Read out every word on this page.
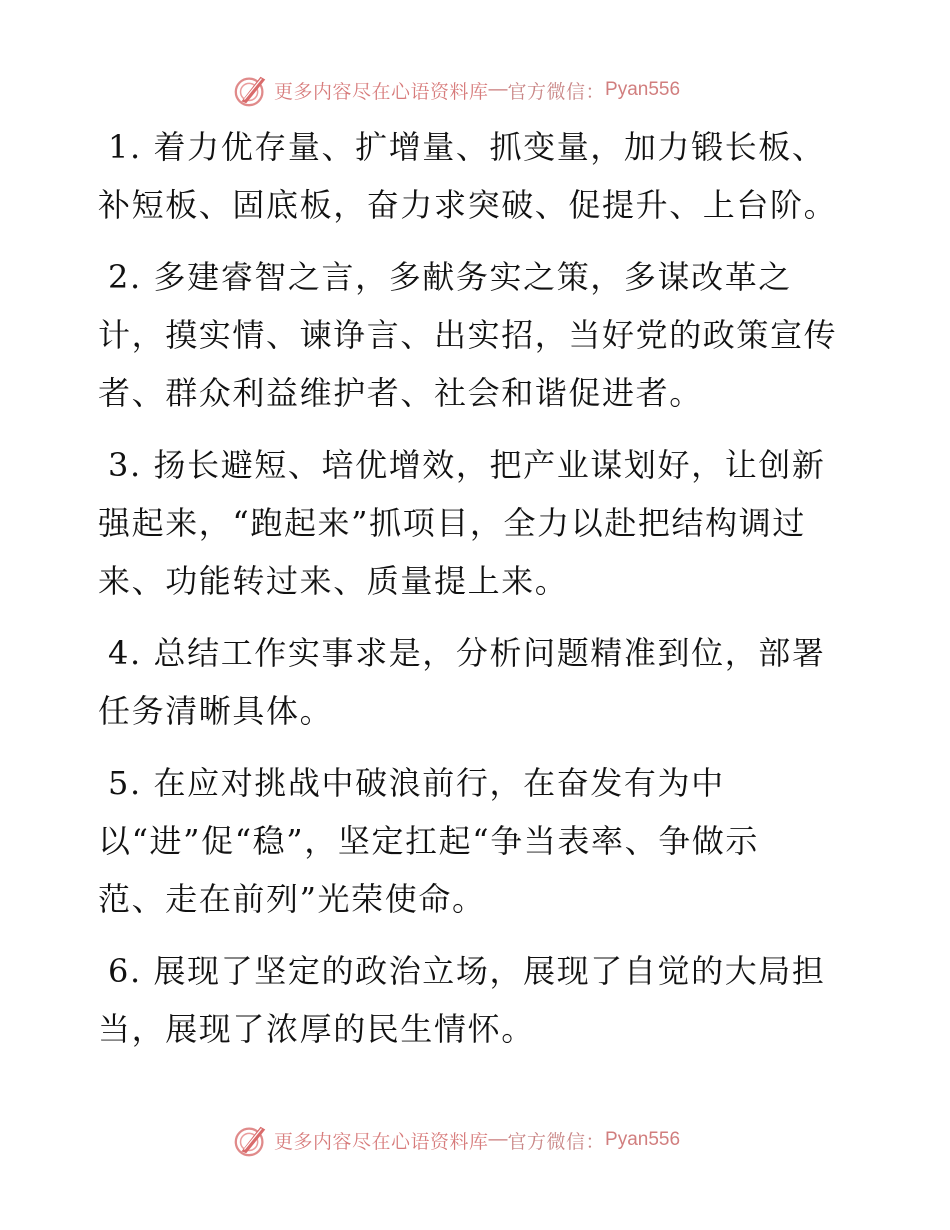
更多内容尽在心语资料库 — 官方微信： Pyan556
1. 着力优存量、扩增量、抓变量，加力锻长板、
补短板、固底板，奋力求突破、促提升、上台阶。
2. 多建睿智之言，多献务实之策，多谋改革之
计，摸实情、谏诤言、出实招，当好党的政策宣传
者、群众利益维护者、社会和谐促进者。
3. 扬长避短、培优增效，把产业谋划好，让创新
强起来，“跑起来”抓项目，全力以赴把结构调过
来、功能转过来、质量提上来。
4. 总结工作实事求是，分析问题精准到位，部署
任务清晰具体。
5. 在应对挑战中破浪前行，在奋发有为中
以“进”促“稳”，坚定扛起“争当表率、争做示
范、走在前列”光荣使命。
6. 展现了坚定的政治立场，展现了自觉的大局担
当，展现了浓厚的民生情怀。
更多内容尽在心语资料库 — 官方微信： Pyan556
